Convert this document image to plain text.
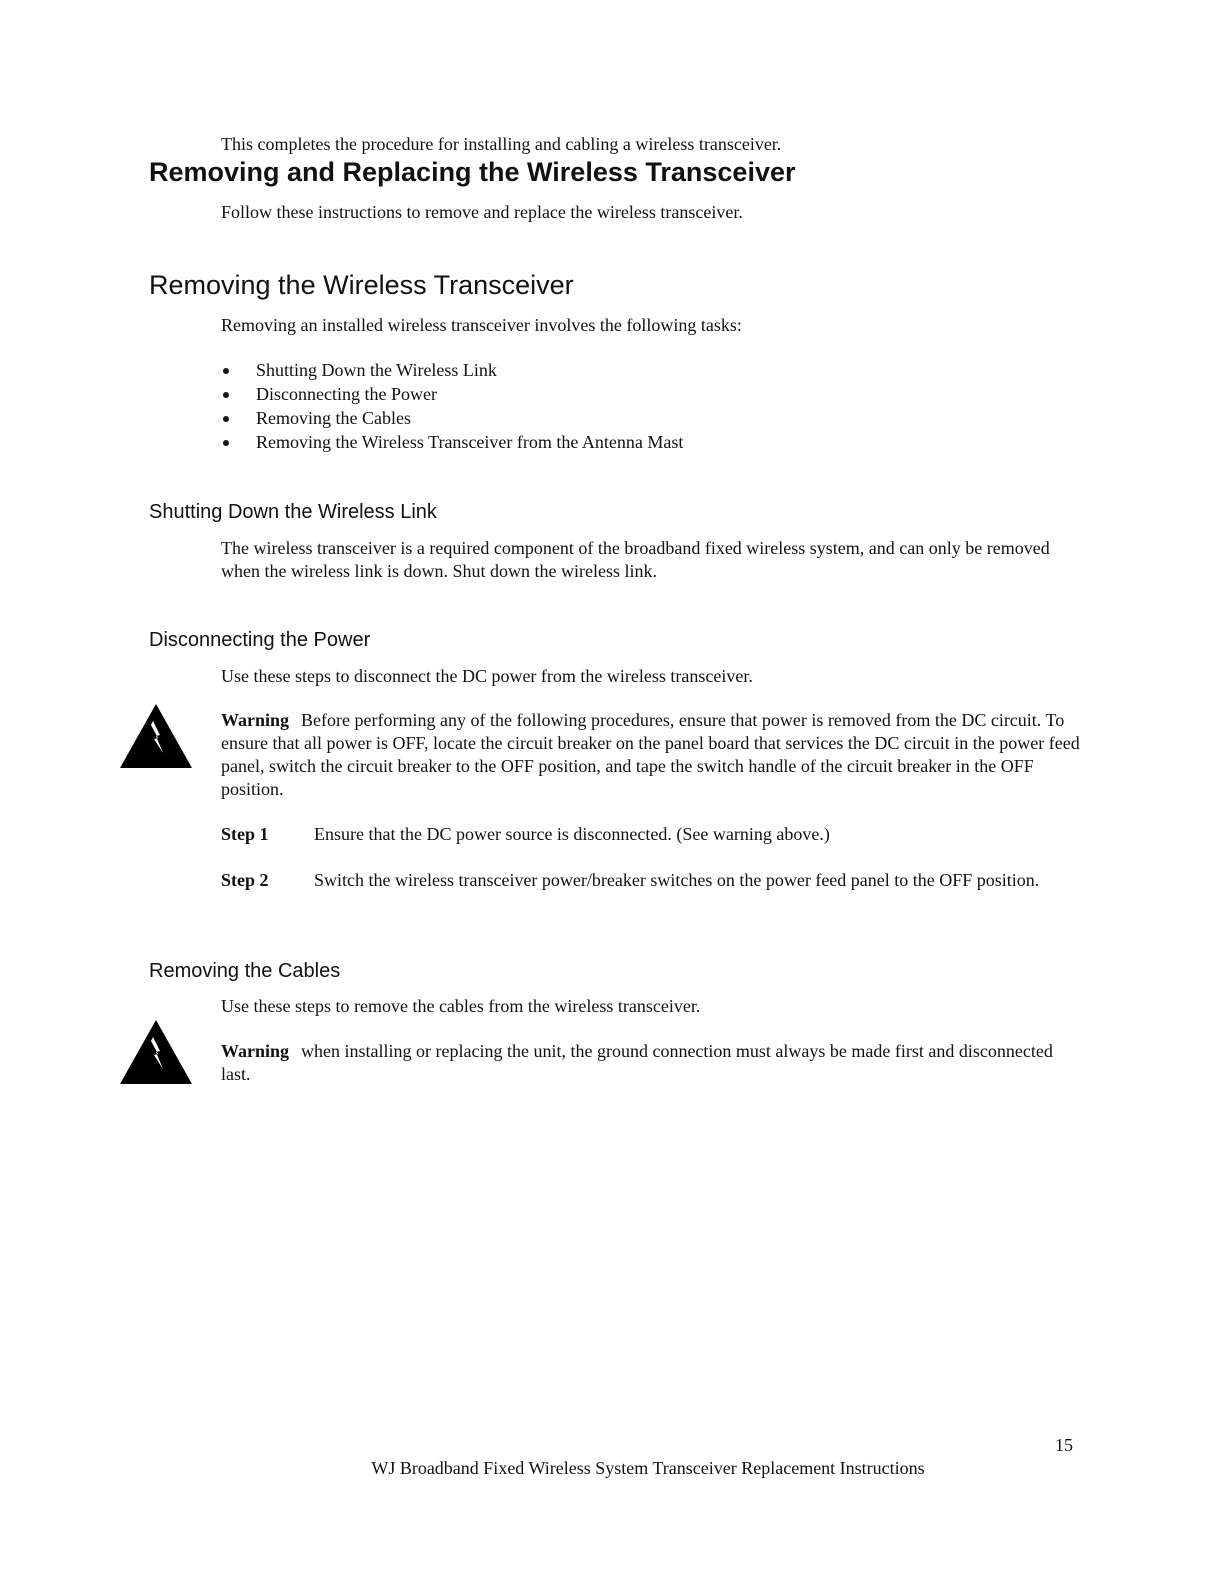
This completes the procedure for installing and cabling a wireless transceiver.
Removing and Replacing the Wireless Transceiver
Follow these instructions to remove and replace the wireless transceiver.
Removing the Wireless Transceiver
Removing an installed wireless transceiver involves the following tasks:
Shutting Down the Wireless Link
Disconnecting the Power
Removing the Cables
Removing the Wireless Transceiver from the Antenna Mast
Shutting Down the Wireless Link
The wireless transceiver is a required component of the broadband fixed wireless system, and can only be removed when the wireless link is down. Shut down the wireless link.
Disconnecting the Power
Use these steps to disconnect the DC power from the wireless transceiver.
Warning Before performing any of the following procedures, ensure that power is removed from the DC circuit. To ensure that all power is OFF, locate the circuit breaker on the panel board that services the DC circuit in the power feed panel, switch the circuit breaker to the OFF position, and tape the switch handle of the circuit breaker in the OFF position.
Step 1	Ensure that the DC power source is disconnected. (See warning above.)
Step 2	Switch the wireless transceiver power/breaker switches on the power feed panel to the OFF position.
Removing the Cables
Use these steps to remove the cables from the wireless transceiver.
Warning when installing or replacing the unit, the ground connection must always be made first and disconnected last.
15
WJ Broadband Fixed Wireless System Transceiver Replacement Instructions
